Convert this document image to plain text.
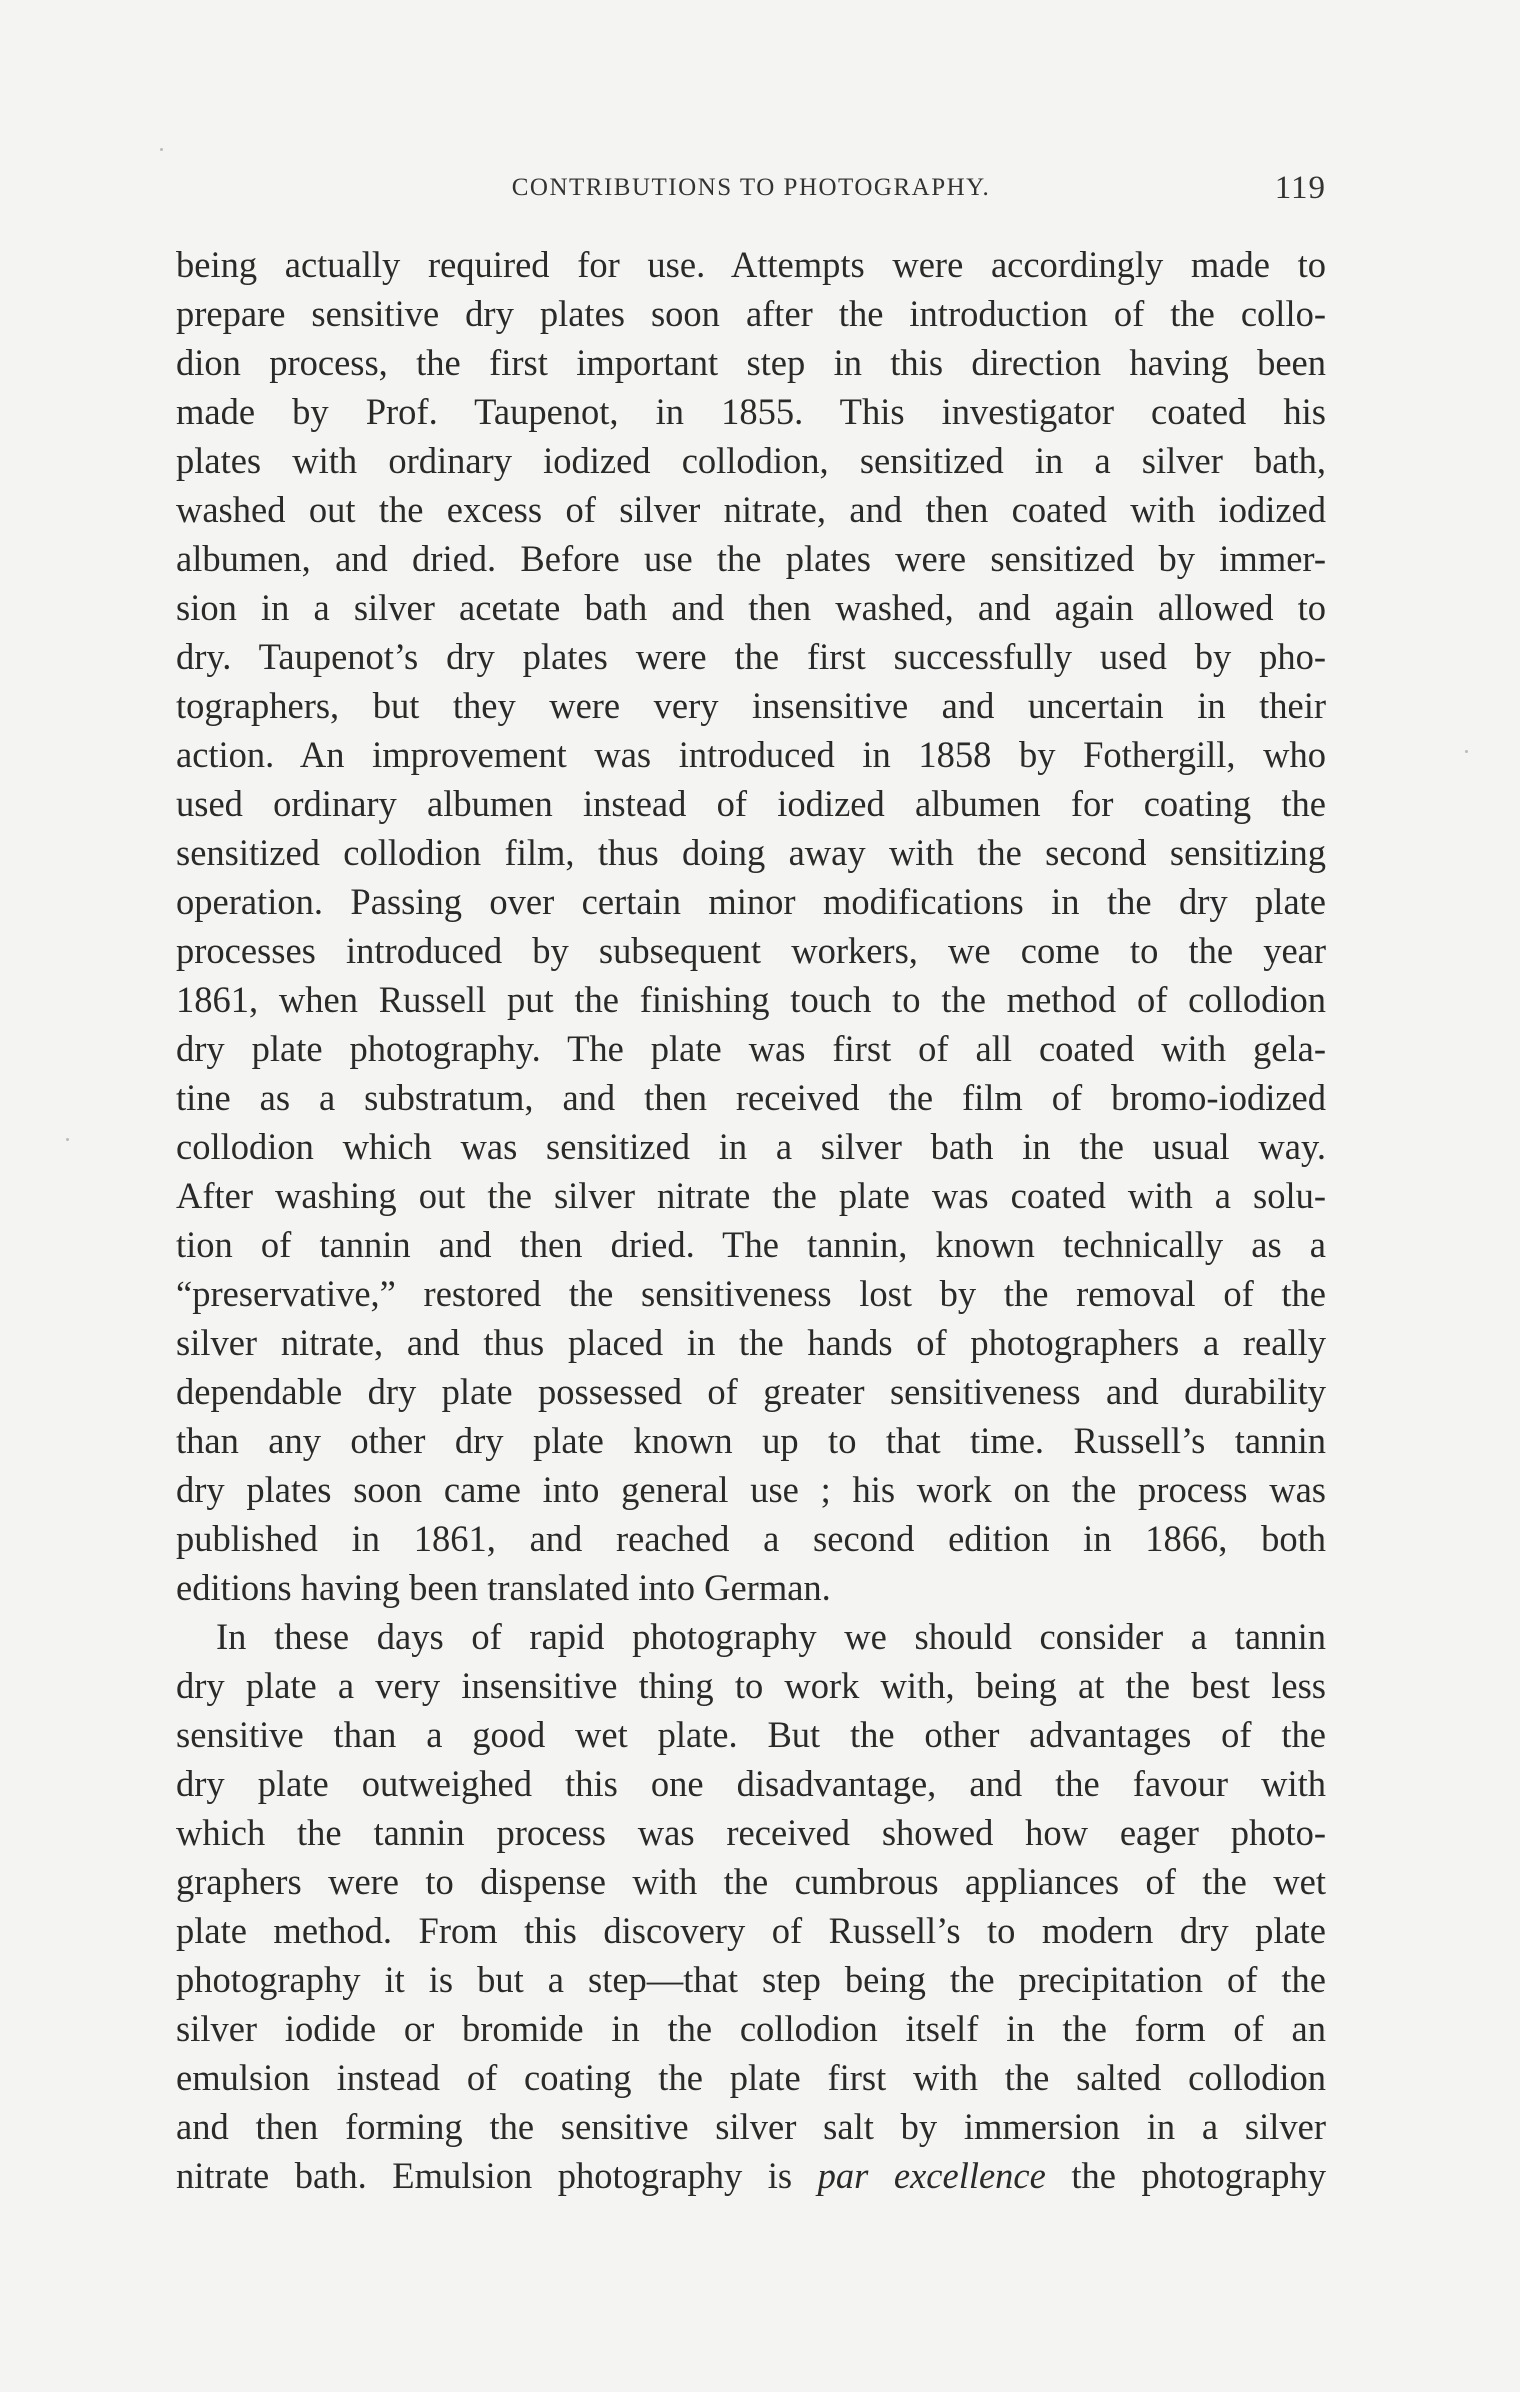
CONTRIBUTIONS TO PHOTOGRAPHY.	119
being actually required for use. Attempts were accordingly made to
prepare sensitive dry plates soon after the introduction of the collo-
dion process, the first important step in this direction having been
made by Prof. Taupenot, in 1855. This investigator coated his
plates with ordinary iodized collodion, sensitized in a silver bath,
washed out the excess of silver nitrate, and then coated with iodized
albumen, and dried. Before use the plates were sensitized by immer-
sion in a silver acetate bath and then washed, and again allowed to
dry. Taupenot’s dry plates were the first successfully used by pho-
tographers, but they were very insensitive and uncertain in their
action. An improvement was introduced in 1858 by Fothergill, who
used ordinary albumen instead of iodized albumen for coating the
sensitized collodion film, thus doing away with the second sensitizing
operation. Passing over certain minor modifications in the dry plate
processes introduced by subsequent workers, we come to the year
1861, when Russell put the finishing touch to the method of collodion
dry plate photography. The plate was first of all coated with gela-
tine as a substratum, and then received the film of bromo-iodized
collodion which was sensitized in a silver bath in the usual way.
After washing out the silver nitrate the plate was coated with a solu-
tion of tannin and then dried. The tannin, known technically as a
“preservative,” restored the sensitiveness lost by the removal of the
silver nitrate, and thus placed in the hands of photographers a really
dependable dry plate possessed of greater sensitiveness and durability
than any other dry plate known up to that time. Russell’s tannin
dry plates soon came into general use ; his work on the process was
published in 1861, and reached a second edition in 1866, both
editions having been translated into German.
In these days of rapid photography we should consider a tannin
dry plate a very insensitive thing to work with, being at the best less
sensitive than a good wet plate. But the other advantages of the
dry plate outweighed this one disadvantage, and the favour with
which the tannin process was received showed how eager photo-
graphers were to dispense with the cumbrous appliances of the wet
plate method. From this discovery of Russell’s to modern dry plate
photography it is but a step—that step being the precipitation of the
silver iodide or bromide in the collodion itself in the form of an
emulsion instead of coating the plate first with the salted collodion
and then forming the sensitive silver salt by immersion in a silver
nitrate bath. Emulsion photography is par excellence the photography
